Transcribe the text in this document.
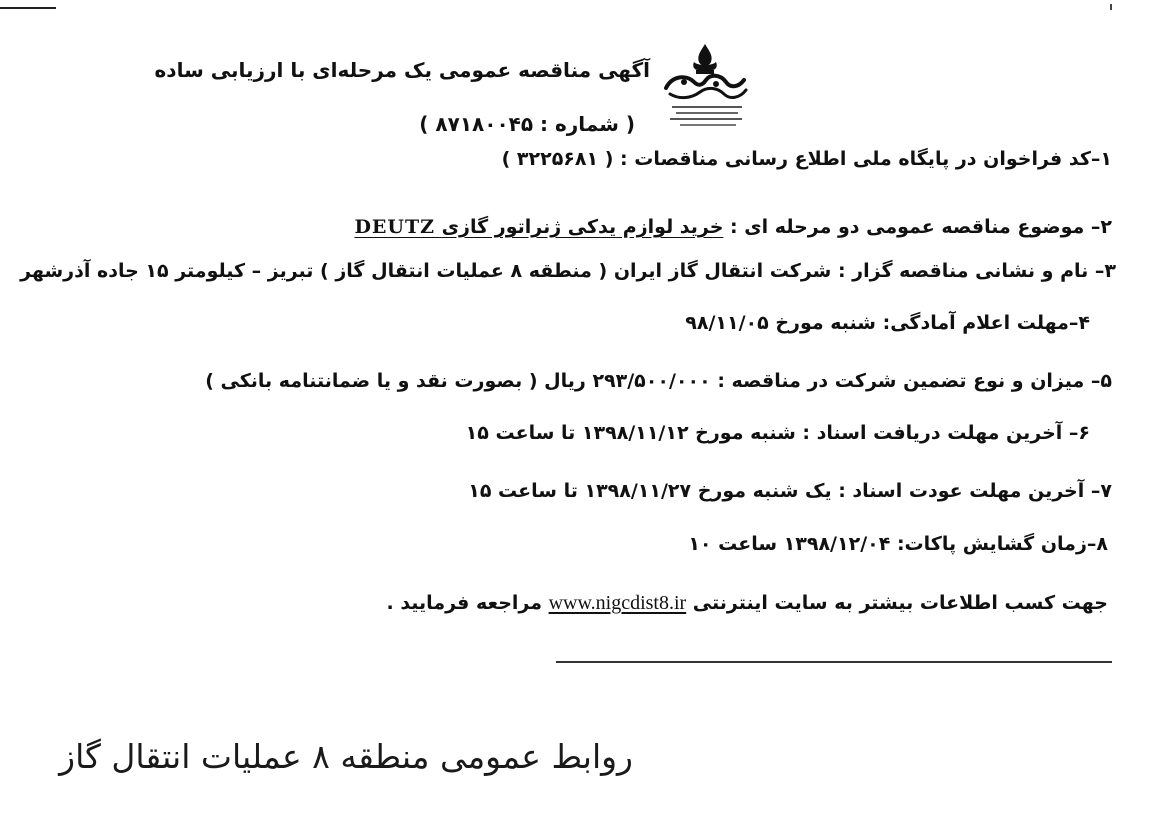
آگهی مناقصه عمومی یک مرحله‌ای با ارزیابی ساده
( شماره : ۸۷۱۸۰۰۴۵ )
۱–کد فراخوان در پایگاه ملی اطلاع رسانی مناقصات : ( ۳۲۲۵۶۸۱ )
۲– موضوع مناقصه عمومی دو مرحله ای : خرید لوازم یدکی ژنراتور گازی DEUTZ
۳– نام و نشانی مناقصه گزار : شرکت انتقال گاز ایران ( منطقه ۸ عملیات انتقال گاز ) تبریز – کیلومتر ۱۵ جاده آذرشهر
۴–مهلت اعلام آمادگی: شنبه مورخ ۹۸/۱۱/۰۵
۵– میزان و نوع تضمین شرکت در مناقصه : ۲۹۳/۵۰۰/۰۰۰ ریال ( بصورت نقد و یا ضمانتنامه بانکی )
۶– آخرین مهلت دریافت اسناد : شنبه مورخ ۱۳۹۸/۱۱/۱۲ تا ساعت ۱۵
۷– آخرین مهلت عودت اسناد : یک شنبه مورخ ۱۳۹۸/۱۱/۲۷ تا ساعت ۱۵
۸–زمان گشایش پاکات: ۱۳۹۸/۱۲/۰۴ ساعت ۱۰
جهت کسب اطلاعات بیشتر به سایت اینترنتی www.nigcdist8.ir مراجعه فرمایید .
روابط عمومی منطقه ۸ عملیات انتقال گاز
